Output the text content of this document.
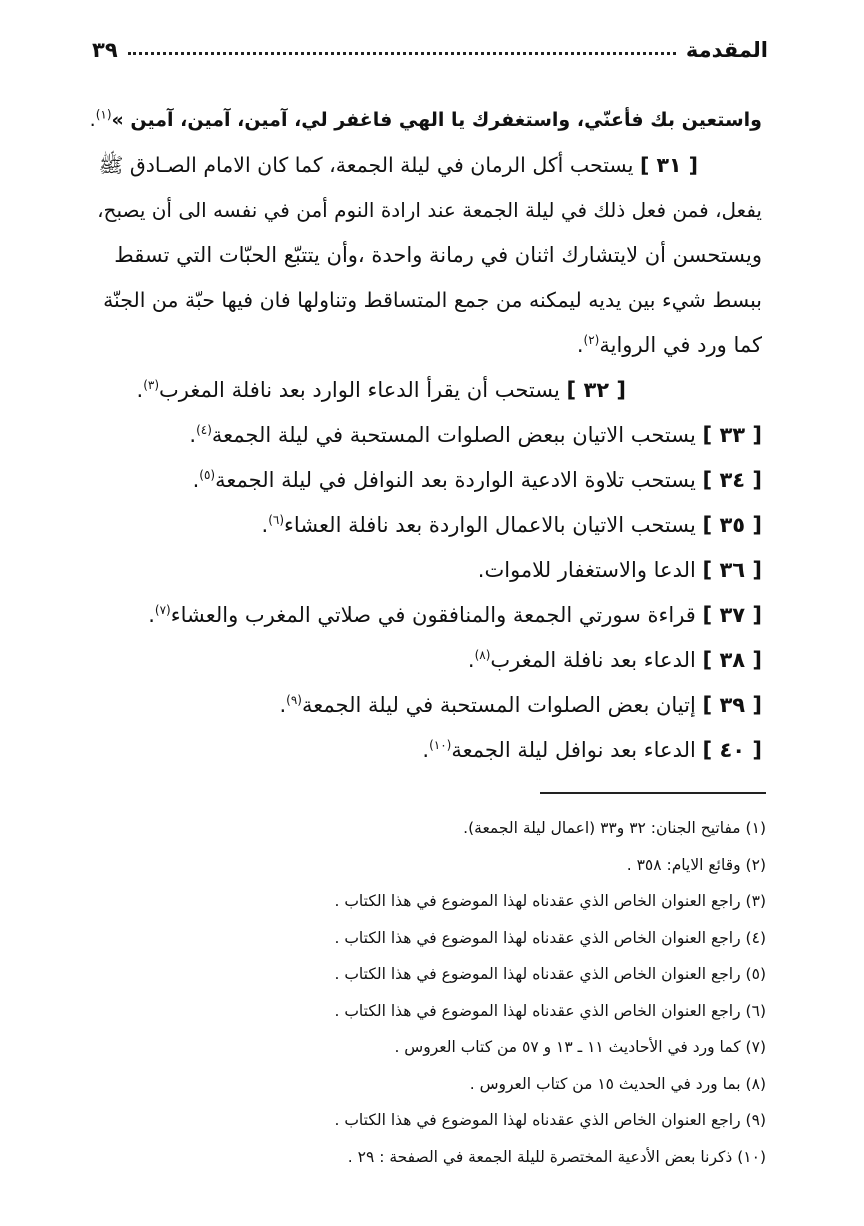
المقدمة
٣٩
واستعين بك فأعنّي، واستغفرك يا الهي فاغفر لي، آمين، آمين، آمين »$^{(١)}$.
[ ٣١ ] يستحب أكل الرمان في ليلة الجمعة، كما كان الامام الصـادق ﷺ
يفعل، فمن فعل ذلك في ليلة الجمعة عند ارادة النوم أمن في نفسه الى أن يصبح،
ويستحسن أن لايتشارك اثنان في رمانة واحدة ،وأن يتتبّع الحبّات التي تسقط
ببسط شيء بين يديه ليمكنه من جمع المتساقط وتناولها فان فيها حبّة من الجنّة
كما ورد في الرواية$^{(٢)}$.
[ ٣٢ ] يستحب أن يقرأ الدعاء الوارد بعد نافلة المغرب$^{(٣)}$.
[ ٣٣ ] يستحب الاتيان ببعض الصلوات المستحبة في ليلة الجمعة$^{(٤)}$.
[ ٣٤ ] يستحب تلاوة الادعية الواردة بعد النوافل في ليلة الجمعة$^{(٥)}$.
[ ٣٥ ] يستحب الاتيان بالاعمال الواردة بعد نافلة العشاء$^{(٦)}$.
[ ٣٦ ] الدعا والاستغفار للاموات.
[ ٣٧ ] قراءة سورتي الجمعة والمنافقون في صلاتي المغرب والعشاء$^{(٧)}$.
[ ٣٨ ] الدعاء بعد نافلة المغرب$^{(٨)}$.
[ ٣٩ ] إتيان بعض الصلوات المستحبة في ليلة الجمعة$^{(٩)}$.
[ ٤٠ ] الدعاء بعد نوافل ليلة الجمعة$^{(١٠)}$.
(١) مفاتيح الجنان: ٣٢ و٣٣ (اعمال ليلة الجمعة).
(٢) وقائع الايام: ٣٥٨ .
(٣) راجع العنوان الخاص الذي عقدناه لهذا الموضوع في هذا الكتاب .
(٤) راجع العنوان الخاص الذي عقدناه لهذا الموضوع في هذا الكتاب .
(٥) راجع العنوان الخاص الذي عقدناه لهذا الموضوع في هذا الكتاب .
(٦) راجع العنوان الخاص الذي عقدناه لهذا الموضوع في هذا الكتاب .
(٧) كما ورد في الأحاديث ١١ ـ ١٣ و ٥٧ من كتاب العروس .
(٨) بما ورد في الحديث ١٥ من كتاب العروس .
(٩) راجع العنوان الخاص الذي عقدناه لهذا الموضوع في هذا الكتاب .
(١٠) ذكرنا بعض الأدعية المختصرة لليلة الجمعة في الصفحة : ٢٩ .
